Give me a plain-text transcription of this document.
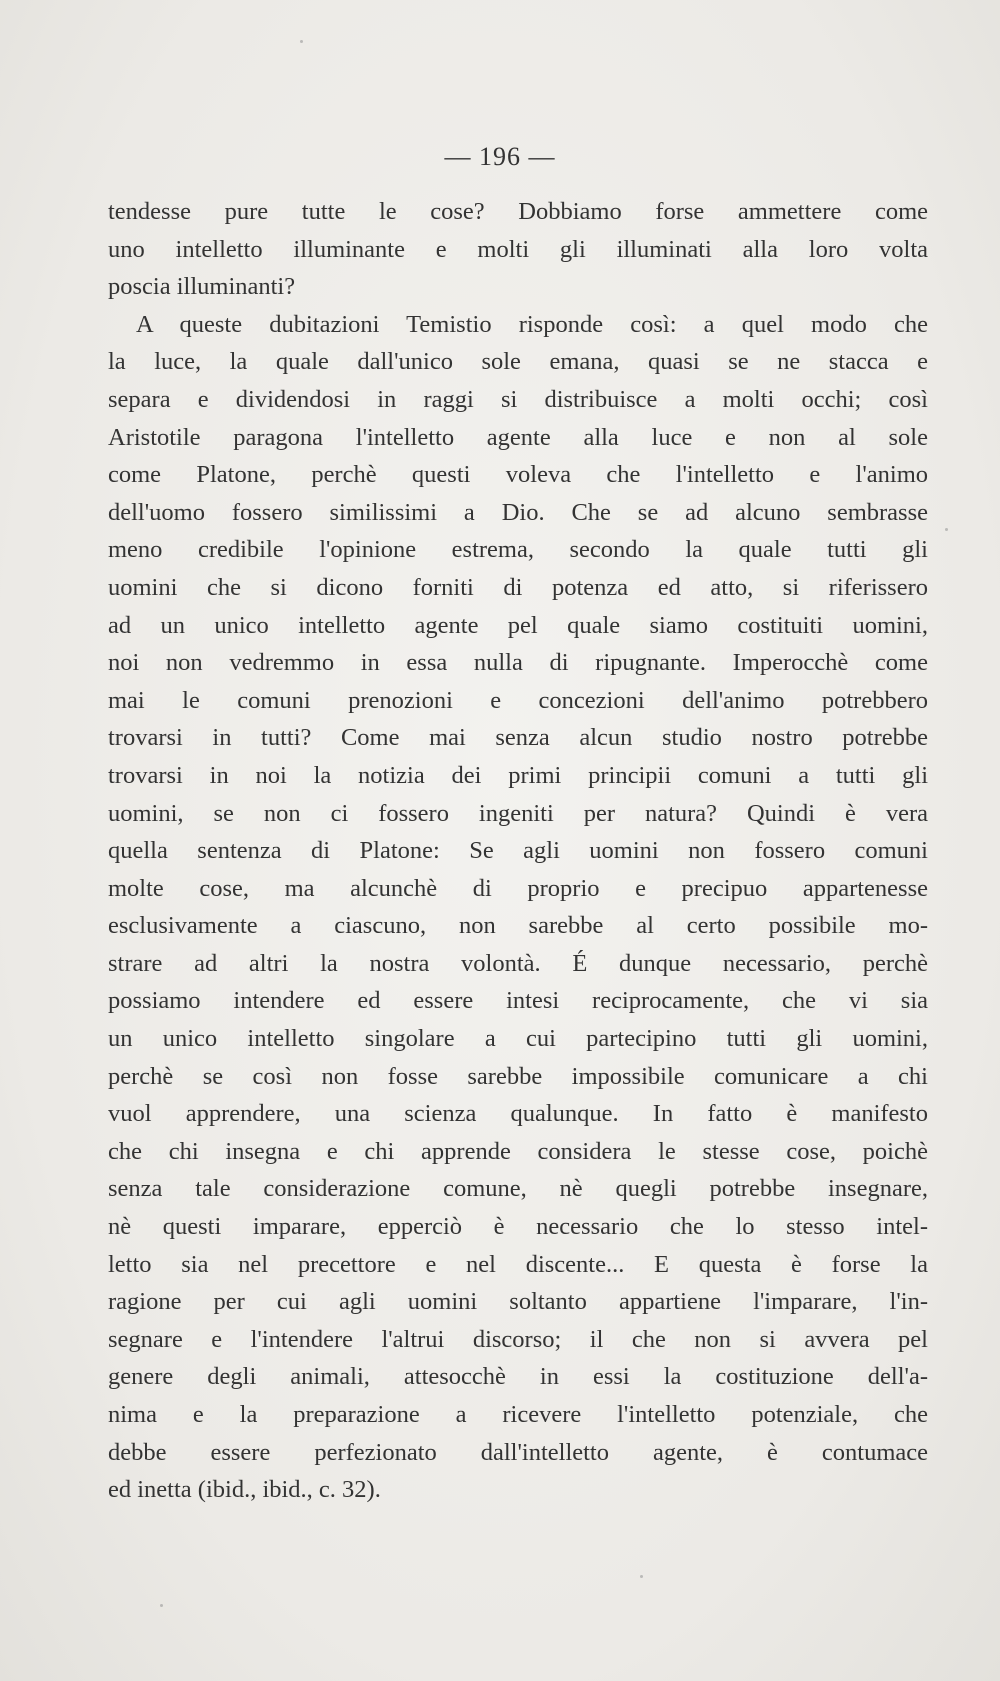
— 196 —
tendesse pure tutte le cose? Dobbiamo forse ammettere come
uno intelletto illuminante e molti gli illuminati alla loro volta
poscia illuminanti?
A queste dubitazioni Temistio risponde così: a quel modo che
la luce, la quale dall'unico sole emana, quasi se ne stacca e
separa e dividendosi in raggi si distribuisce a molti occhi; così
Aristotile paragona l'intelletto agente alla luce e non al sole
come Platone, perchè questi voleva che l'intelletto e l'animo
dell'uomo fossero similissimi a Dio. Che se ad alcuno sembrasse
meno credibile l'opinione estrema, secondo la quale tutti gli
uomini che si dicono forniti di potenza ed atto, si riferissero
ad un unico intelletto agente pel quale siamo costituiti uomini,
noi non vedremmo in essa nulla di ripugnante. Imperocchè come
mai le comuni prenozioni e concezioni dell'animo potrebbero
trovarsi in tutti? Come mai senza alcun studio nostro potrebbe
trovarsi in noi la notizia dei primi principii comuni a tutti gli
uomini, se non ci fossero ingeniti per natura? Quindi è vera
quella sentenza di Platone: Se agli uomini non fossero comuni
molte cose, ma alcunchè di proprio e precipuo appartenesse
esclusivamente a ciascuno, non sarebbe al certo possibile mo-
strare ad altri la nostra volontà. É dunque necessario, perchè
possiamo intendere ed essere intesi reciprocamente, che vi sia
un unico intelletto singolare a cui partecipino tutti gli uomini,
perchè se così non fosse sarebbe impossibile comunicare a chi
vuol apprendere, una scienza qualunque. In fatto è manifesto
che chi insegna e chi apprende considera le stesse cose, poichè
senza tale considerazione comune, nè quegli potrebbe insegnare,
nè questi imparare, epperciò è necessario che lo stesso intel-
letto sia nel precettore e nel discente... E questa è forse la
ragione per cui agli uomini soltanto appartiene l'imparare, l'in-
segnare e l'intendere l'altrui discorso; il che non si avvera pel
genere degli animali, attesocchè in essi la costituzione dell'a-
nima e la preparazione a ricevere l'intelletto potenziale, che
debbe essere perfezionato dall'intelletto agente, è contumace
ed inetta (ibid., ibid., c. 32).
